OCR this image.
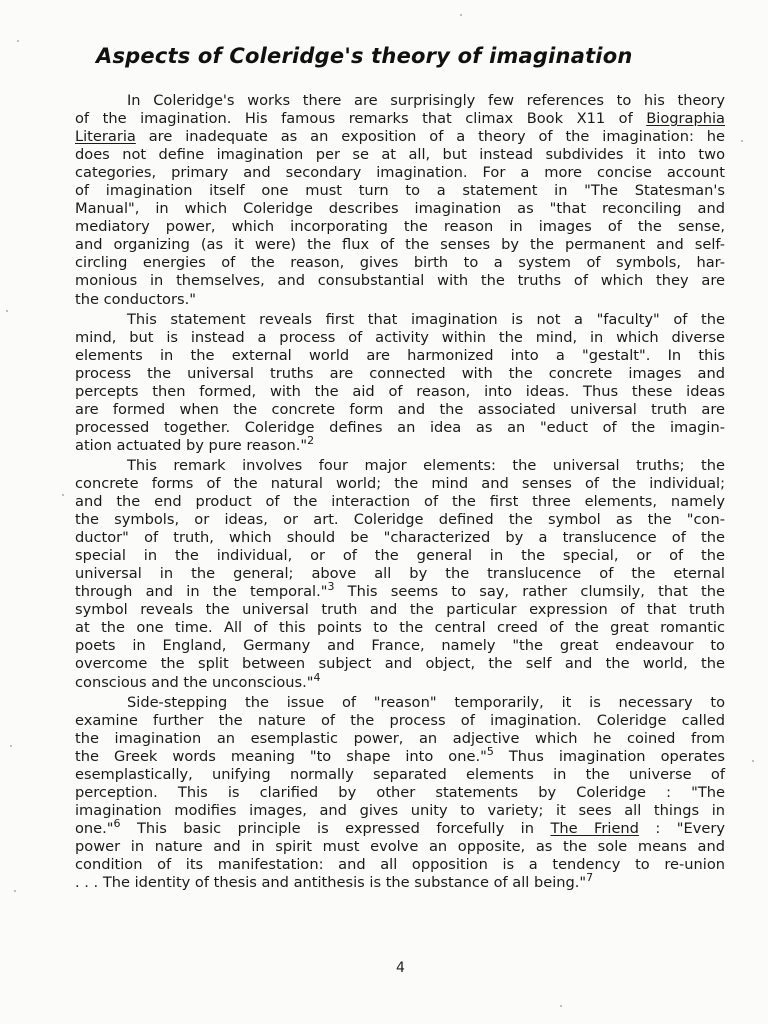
Aspects of Coleridge's theory of imagination
In Coleridge's works there are surprisingly few references to his theory
of the imagination. His famous remarks that climax Book X11 of Biographia
Literaria are inadequate as an exposition of a theory of the imagination: he
does not define imagination per se at all, but instead subdivides it into two
categories, primary and secondary imagination. For a more concise account
of imagination itself one must turn to a statement in "The Statesman's
Manual", in which Coleridge describes imagination as "that reconciling and
mediatory power, which incorporating the reason in images of the sense,
and organizing (as it were) the flux of the senses by the permanent and self-
circling energies of the reason, gives birth to a system of symbols, har-
monious in themselves, and consubstantial with the truths of which they are
the conductors."
This statement reveals first that imagination is not a "faculty" of the
mind, but is instead a process of activity within the mind, in which diverse
elements in the external world are harmonized into a "gestalt". In this
process the universal truths are connected with the concrete images and
percepts then formed, with the aid of reason, into ideas. Thus these ideas
are formed when the concrete form and the associated universal truth are
processed together. Coleridge defines an idea as an "educt of the imagin-
ation actuated by pure reason."$^2$
This remark involves four major elements: the universal truths; the
concrete forms of the natural world; the mind and senses of the individual;
and the end product of the interaction of the first three elements, namely
the symbols, or ideas, or art. Coleridge defined the symbol as the "con-
ductor" of truth, which should be "characterized by a translucence of the
special in the individual, or of the general in the special, or of the
universal in the general; above all by the translucence of the eternal
through and in the temporal."$^3$ This seems to say, rather clumsily, that the
symbol reveals the universal truth and the particular expression of that truth
at the one time. All of this points to the central creed of the great romantic
poets in England, Germany and France, namely "the great endeavour to
overcome the split between subject and object, the self and the world, the
conscious and the unconscious."$^4$
Side-stepping the issue of "reason" temporarily, it is necessary to
examine further the nature of the process of imagination. Coleridge called
the imagination an esemplastic power, an adjective which he coined from
the Greek words meaning "to shape into one."$^5$ Thus imagination operates
esemplastically, unifying normally separated elements in the universe of
perception. This is clarified by other statements by Coleridge : "The
imagination modifies images, and gives unity to variety; it sees all things in
one."$^6$ This basic principle is expressed forcefully in The Friend : "Every
power in nature and in spirit must evolve an opposite, as the sole means and
condition of its manifestation: and all opposition is a tendency to re-union
. . . The identity of thesis and antithesis is the substance of all being."$^7$
4
